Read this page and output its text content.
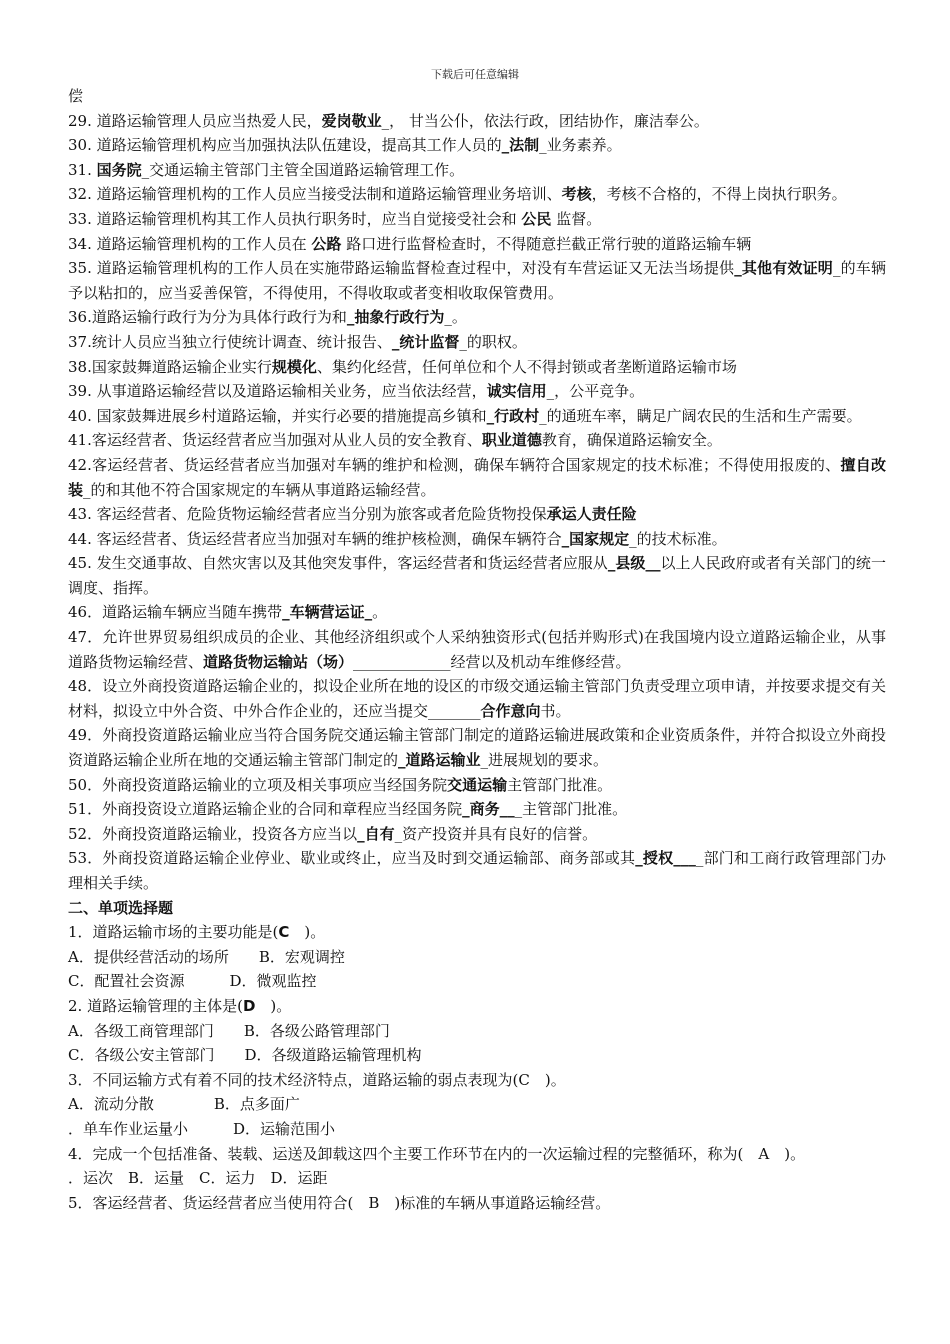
下载后可任意编辑

偿

29. 道路运输管理人员应当热爱人民，爱岗敬业_， 甘当公仆，依法行政，团结协作，廉洁奉公。

30. 道路运输管理机构应当加强执法队伍建设，提高其工作人员的_法制_业务素养。

31. 国务院_交通运输主管部门主管全国道路运输管理工作。

32. 道路运输管理机构的工作人员应当接受法制和道路运输管理业务培训、考核，考核不合格的，不得上岗执行职务。

33. 道路运输管理机构其工作人员执行职务时，应当自觉接受社会和 公民 监督。

34. 道路运输管理机构的工作人员在 公路 路口进行监督检查时，不得随意拦截正常行驶的道路运输车辆

35. 道路运输管理机构的工作人员在实施带路运输监督检查过程中，对没有车营运证又无法当场提供_其他有效证明_的车辆予以粘扣的，应当妥善保管，不得使用，不得收取或者变相收取保管费用。

36.道路运输行政行为分为具体行政行为和_抽象行政行为_。

37.统计人员应当独立行使统计调查、统计报告、_统计监督_的职权。

38.国家鼓舞道路运输企业实行规模化、集约化经营，任何单位和个人不得封锁或者垄断道路运输市场

39. 从事道路运输经营以及道路运输相关业务，应当依法经营，诚实信用_，公平竞争。

40. 国家鼓舞进展乡村道路运输，并实行必要的措施提高乡镇和_行政村_的通班车率，瞒足广阔农民的生活和生产需要。

41.客运经营者、货运经营者应当加强对从业人员的安全教育、职业道德教育，确保道路运输安全。

42.客运经营者、货运经营者应当加强对车辆的维护和检测，确保车辆符合国家规定的技术标准；不得使用报废的、擅自改装_的和其他不符合国家规定的车辆从事道路运输经营。

43. 客运经营者、危险货物运输经营者应当分别为旅客或者危险货物投保承运人责任险

44. 客运经营者、货运经营者应当加强对车辆的维护核检测，确保车辆符合_国家规定_的技术标准。

45. 发生交通事故、自然灾害以及其他突发事件，客运经营者和货运经营者应服从_县级__以上人民政府或者有关部门的统一调度、指挥。

46．道路运输车辆应当随车携带_车辆营运证_。

47．允许世界贸易组织成员的企业、其他经济组织或个人采纳独资形式(包括并购形式)在我国境内设立道路运输企业，从事道路货物运输经营、道路货物运输站（场）_____________经营以及机动车维修经营。

48．设立外商投资道路运输企业的，拟设企业所在地的设区的市级交通运输主管部门负责受理立项申请，并按要求提交有关材料，拟设立中外合资、中外合作企业的，还应当提交_______合作意向书。

49．外商投资道路运输业应当符合国务院交通运输主管部门制定的道路运输进展政策和企业资质条件，并符合拟设立外商投资道路运输企业所在地的交通运输主管部门制定的_道路运输业_进展规划的要求。

50．外商投资道路运输业的立项及相关事项应当经国务院交通运输主管部门批准。

51．外商投资设立道路运输企业的合同和章程应当经国务院_商务___主管部门批准。

52．外商投资道路运输业，投资各方应当以_自有_资产投资并具有良好的信誉。

53．外商投资道路运输企业停业、歇业或终止，应当及时到交通运输部、商务部或其_授权____部门和工商行政管理部门办理相关手续。

二、单项选择题

1．道路运输市场的主要功能是(C　)。

A．提供经营活动的场所　　B．宏观调控

C．配置社会资源　　　D．微观监控

2. 道路运输管理的主体是(D　)。

A．各级工商管理部门　　B．各级公路管理部门

C．各级公安主管部门　　D．各级道路运输管理机构

3．不同运输方式有着不同的技术经济特点，道路运输的弱点表现为(C　)。

A．流动分散　　　　B．点多面广

．单车作业运量小　　　D．运输范围小

4．完成一个包括准备、装载、运送及卸载这四个主要工作环节在内的一次运输过程的完整循环，称为(　A　)。

．运次　B．运量　C．运力　D．运距

5．客运经营者、货运经营者应当使用符合(　B　)标准的车辆从事道路运输经营。
